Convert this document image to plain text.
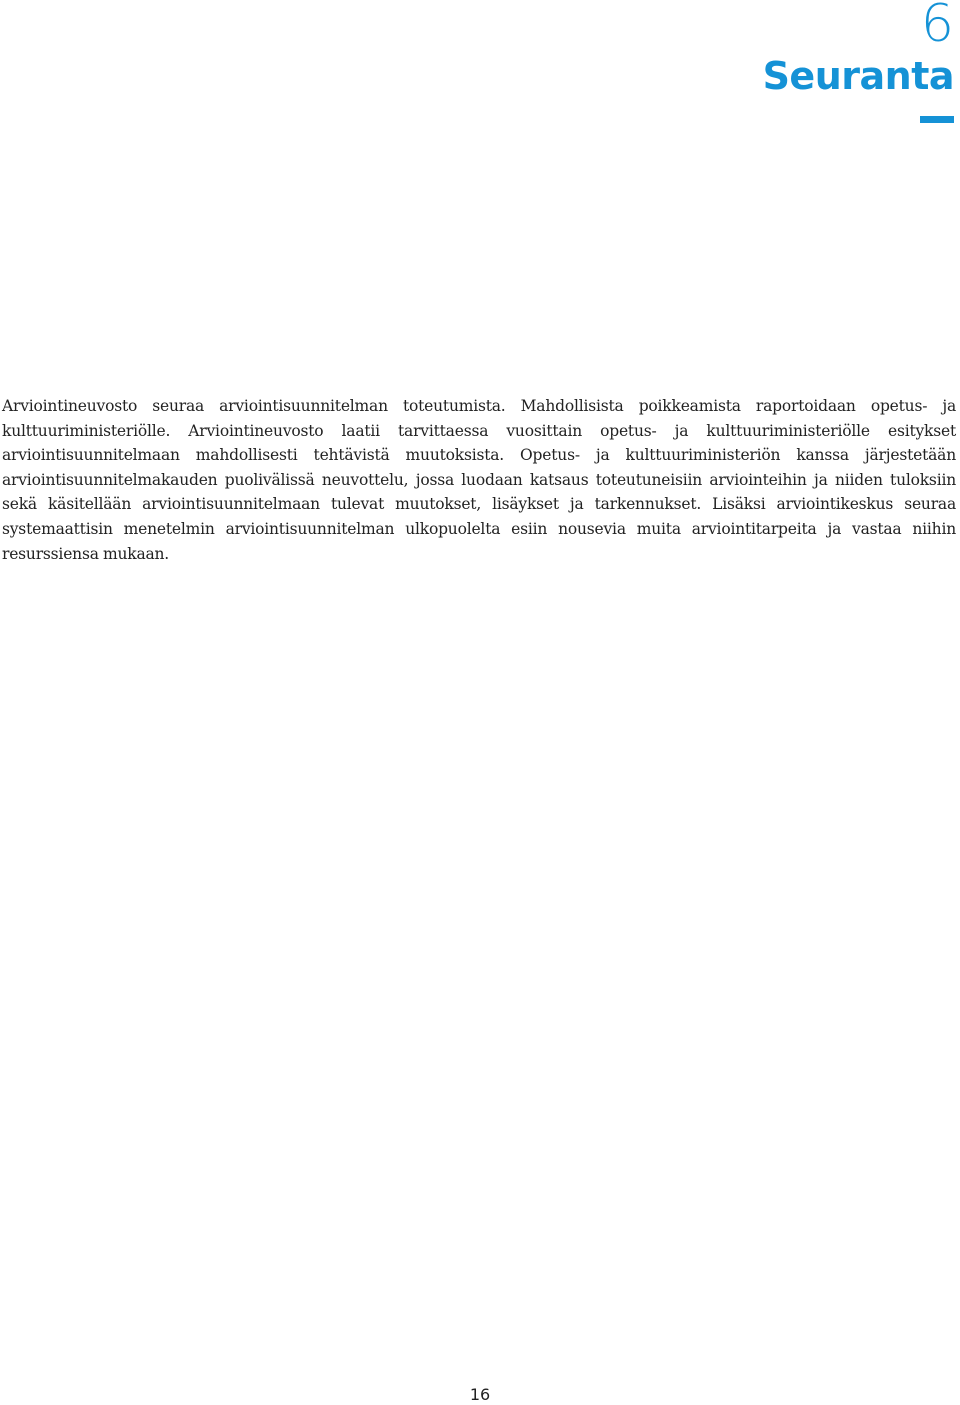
6
Seuranta

Arviointineuvosto seuraa arviointisuunnitelman toteutumista. Mahdollisista poikkeamista raportoidaan opetus- ja kulttuuriministeriölle. Arviointineuvosto laatii tarvittaessa vuosittain opetus- ja kulttuuriministeriölle esitykset arviointisuunnitelmaan mahdollisesti tehtävistä muutoksista. Opetus- ja kulttuuriministeriön kanssa järjestetään arviointisuunnitelmakauden puolivälissä neuvottelu, jossa luodaan katsaus toteutuneisiin arviointeihin ja niiden tuloksiin sekä käsitellään arviointisuunnitelmaan tulevat muutokset, lisäykset ja tarkennukset. Lisäksi arviointikeskus seuraa systemaattisin menetelmin arviointisuunnitelman ulkopuolelta esiin nousevia muita arviointitarpeita ja vastaa niihin resurssiensa mukaan.

16
